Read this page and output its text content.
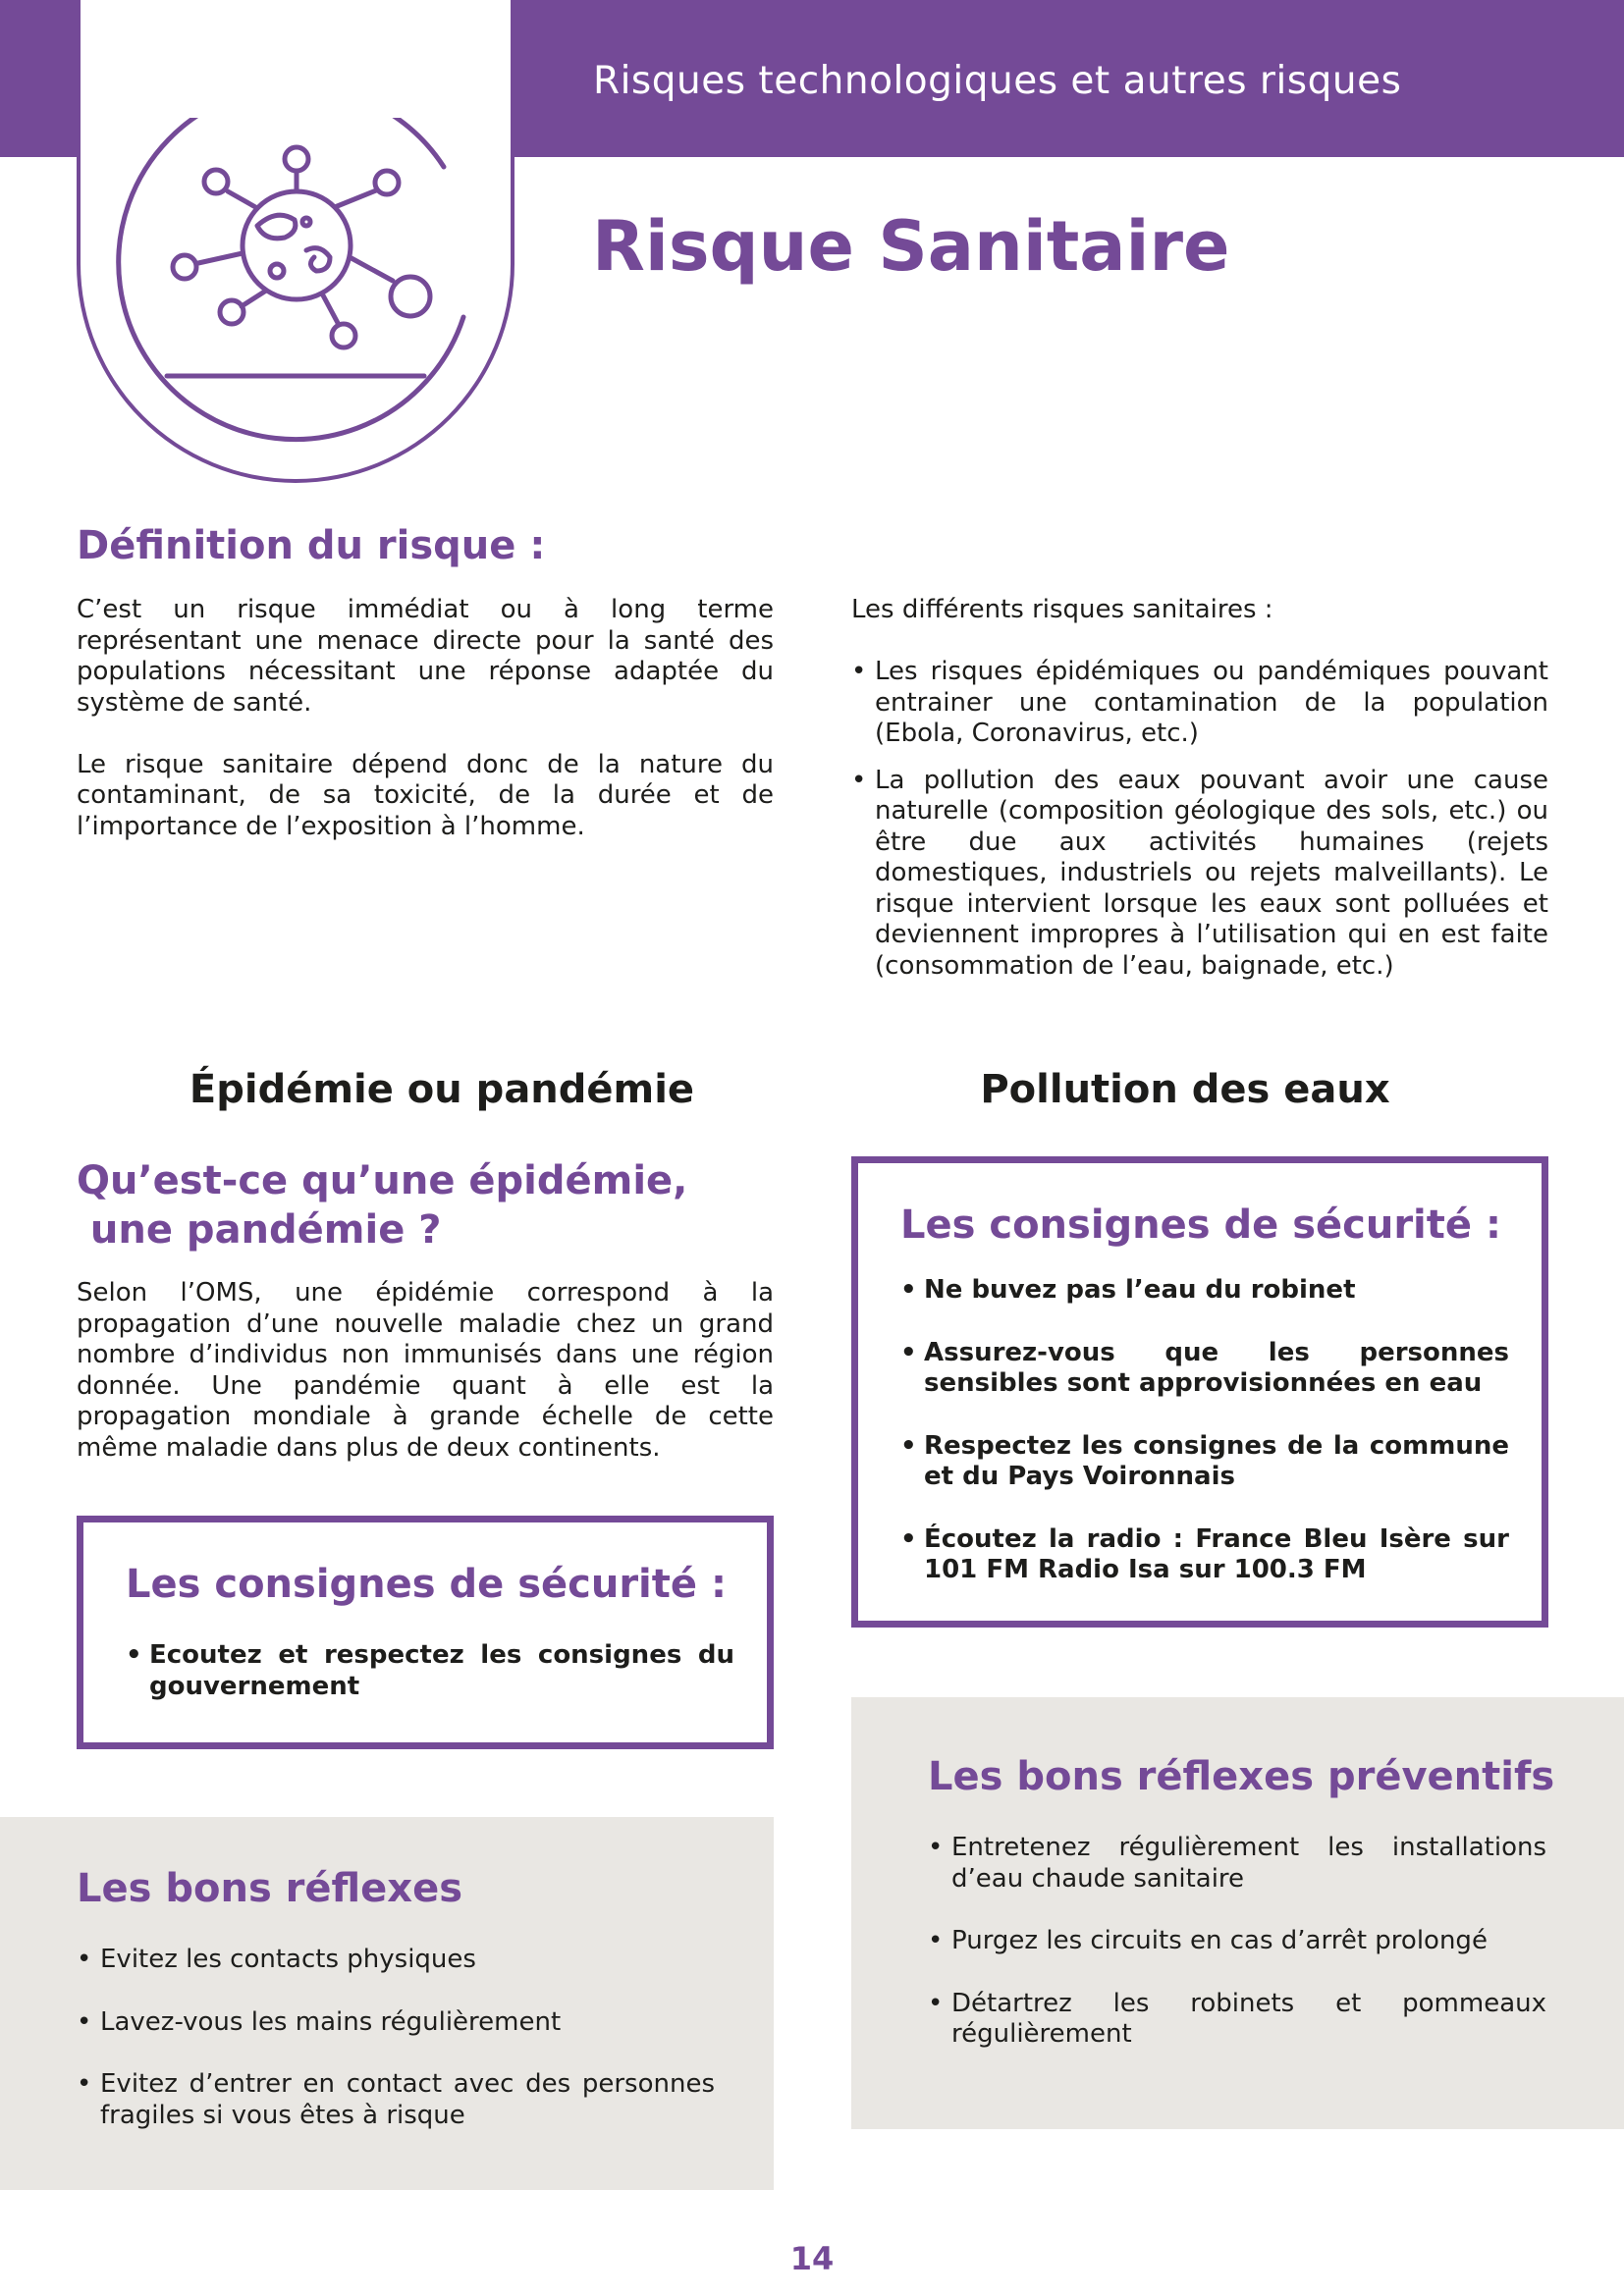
Risques technologiques et autres risques
Risque Sanitaire
Définition du risque :

C’est un risque immédiat ou à long terme représentant une menace directe pour la santé des populations nécessitant une réponse adaptée du système de santé.

Le risque sanitaire dépend donc de la nature du contaminant, de sa toxicité, de la durée et de l’importance de l’exposition à l’homme.

Les différents risques sanitaires :

• Les risques épidémiques ou pandémiques pouvant entrainer une contamination de la population (Ebola, Coronavirus, etc.)
• La pollution des eaux pouvant avoir une cause naturelle (composition géologique des sols, etc.) ou être due aux activités humaines (rejets domestiques, industriels ou rejets malveillants). Le risque intervient lorsque les eaux sont polluées et deviennent impropres à l’utilisation qui en est faite (consommation de l’eau, baignade, etc.)
Épidémie ou pandémie	Pollution des eaux
Qu’est-ce qu’une épidémie,
une pandémie ?
Selon l’OMS, une épidémie correspond à la propagation d’une nouvelle maladie chez un grand nombre d’individus non immunisés dans une région donnée. Une pandémie quant à elle est la propagation mondiale à grande échelle de cette même maladie dans plus de deux continents.
Les consignes de sécurité :
• Ecoutez et respectez les consignes du gouvernement
Les bons réflexes
• Evitez les contacts physiques
• Lavez-vous les mains régulièrement
• Evitez d’entrer en contact avec des personnes fragiles si vous êtes à risque
Les consignes de sécurité :
• Ne buvez pas l’eau du robinet
• Assurez-vous que les personnes sensibles sont approvisionnées en eau
• Respectez les consignes de la commune et du Pays Voironnais
• Écoutez la radio : France Bleu Isère sur 101 FM Radio Isa sur 100.3 FM
Les bons réflexes préventifs
• Entretenez régulièrement les installations d’eau chaude sanitaire
• Purgez les circuits en cas d’arrêt prolongé
• Détartrez les robinets et pommeaux régulièrement
14
